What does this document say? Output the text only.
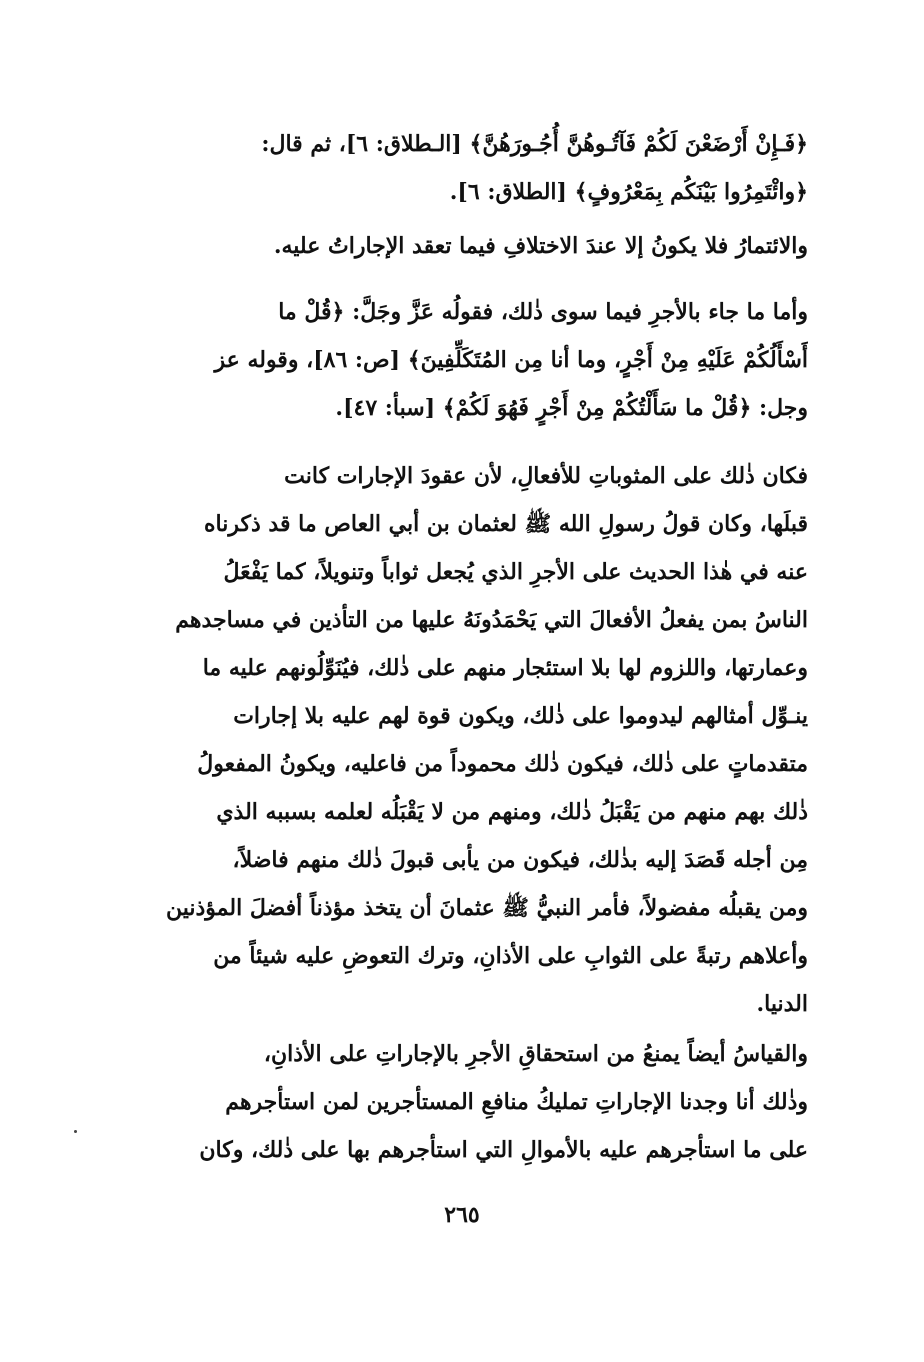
﴿فَـإِنْ أَرْضَعْنَ لَكُمْ فَآتُـوهُنَّ أُجُـورَهُنَّ﴾ [الـطلاق: ٦]، ثم قال:
﴿وائْتَمِرُوا بَيْنَكُم بِمَعْرُوفٍ﴾ [الطلاق: ٦].
والائتمارُ فلا يكونُ إلا عندَ الاختلافِ فيما تعقد الإجاراتُ عليه.
وأما ما جاء بالأجرِ فيما سوى ذٰلك، فقولُه عَزَّ وجَلَّ: ﴿قُلْ ما
أَسْأَلُكُمْ عَلَيْهِ مِنْ أَجْرٍ، وما أنا مِن المُتَكَلِّفِينَ﴾ [ص: ٨٦]، وقوله عز
وجل: ﴿قُلْ ما سَأَلْتُكُمْ مِنْ أَجْرٍ فَهُوَ لَكُمْ﴾ [سبأ: ٤٧].
فكان ذٰلك على المثوباتِ للأفعالِ، لأن عقودَ الإجارات كانت
قبلَها، وكان قولُ رسولِ الله ﷺ لعثمان بن أبي العاص ما قد ذكرناه
عنه في هٰذا الحديث على الأجرِ الذي يُجعل ثواباً وتنويلاً، كما يَفْعَلُ
الناسُ بمن يفعلُ الأفعالَ التي يَحْمَدُونَهُ عليها من التأذين في مساجدهم
وعمارتها، واللزوم لها بلا استئجار منهم على ذٰلك، فيُنَوِّلُونهم عليه ما
ينـوِّل أمثالهم ليدوموا على ذٰلك، ويكون قوة لهم عليه بلا إجارات
متقدماتٍ على ذٰلك، فيكون ذٰلك محموداً من فاعليه، ويكونُ المفعولُ
ذٰلك بهم منهم من يَقْبَلُ ذٰلك، ومنهم من لا يَقْبَلُه لعلمه بسببه الذي
مِن أجله قَصَدَ إليه بذٰلك، فيكون من يأبى قبولَ ذٰلك منهم فاضلاً،
ومن يقبلُه مفضولاً، فأمر النبيُّ ﷺ عثمانَ أن يتخذ مؤذناً أفضلَ المؤذنين
وأعلاهم رتبةً على الثوابِ على الأذانِ، وترك التعوضِ عليه شيئاً من
الدنيا.
والقياسُ أيضاً يمنعُ من استحقاقِ الأجرِ بالإجاراتِ على الأذانِ،
وذٰلك أنا وجدنا الإجاراتِ تمليكُ منافعِ المستأجرين لمن استأجرهم
على ما استأجرهم عليه بالأموالِ التي استأجرهم بها على ذٰلك، وكان
٢٦٥
